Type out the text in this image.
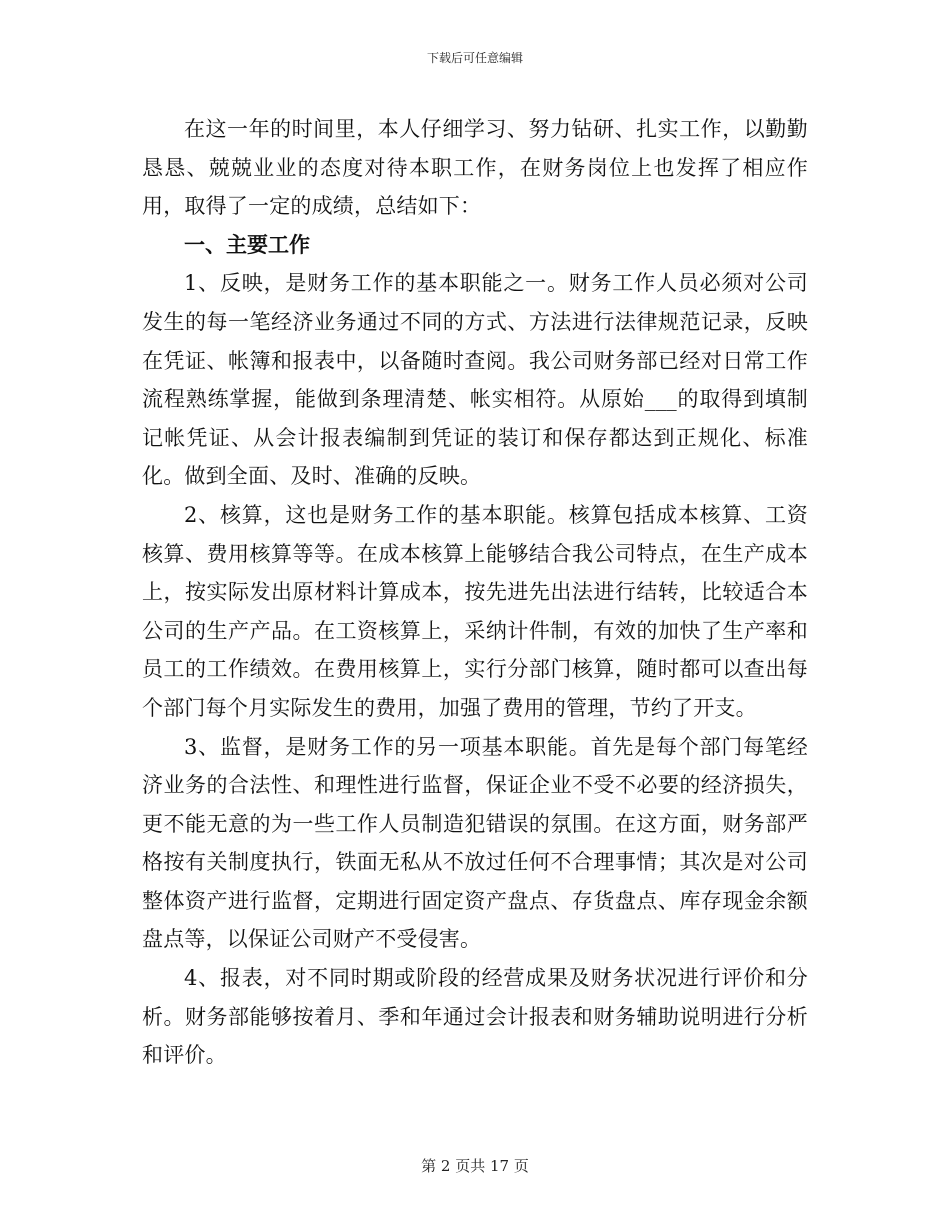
下载后可任意编辑

在这一年的时间里，本人仔细学习、努力钻研、扎实工作，以勤勤恳恳、兢兢业业的态度对待本职工作，在财务岗位上也发挥了相应作用，取得了一定的成绩，总结如下：

一、主要工作

1、反映，是财务工作的基本职能之一。财务工作人员必须对公司发生的每一笔经济业务通过不同的方式、方法进行法律规范记录，反映在凭证、帐簿和报表中，以备随时查阅。我公司财务部已经对日常工作流程熟练掌握，能做到条理清楚、帐实相符。从原始___的取得到填制记帐凭证、从会计报表编制到凭证的装订和保存都达到正规化、标准化。做到全面、及时、准确的反映。

2、核算，这也是财务工作的基本职能。核算包括成本核算、工资核算、费用核算等等。在成本核算上能够结合我公司特点，在生产成本上，按实际发出原材料计算成本，按先进先出法进行结转，比较适合本公司的生产产品。在工资核算上，采纳计件制，有效的加快了生产率和员工的工作绩效。在费用核算上，实行分部门核算，随时都可以查出每个部门每个月实际发生的费用，加强了费用的管理，节约了开支。

3、监督，是财务工作的另一项基本职能。首先是每个部门每笔经济业务的合法性、和理性进行监督，保证企业不受不必要的经济损失，更不能无意的为一些工作人员制造犯错误的氛围。在这方面，财务部严格按有关制度执行，铁面无私从不放过任何不合理事情；其次是对公司整体资产进行监督，定期进行固定资产盘点、存货盘点、库存现金余额盘点等，以保证公司财产不受侵害。

4、报表，对不同时期或阶段的经营成果及财务状况进行评价和分析。财务部能够按着月、季和年通过会计报表和财务辅助说明进行分析和评价。

第 2 页共 17 页
